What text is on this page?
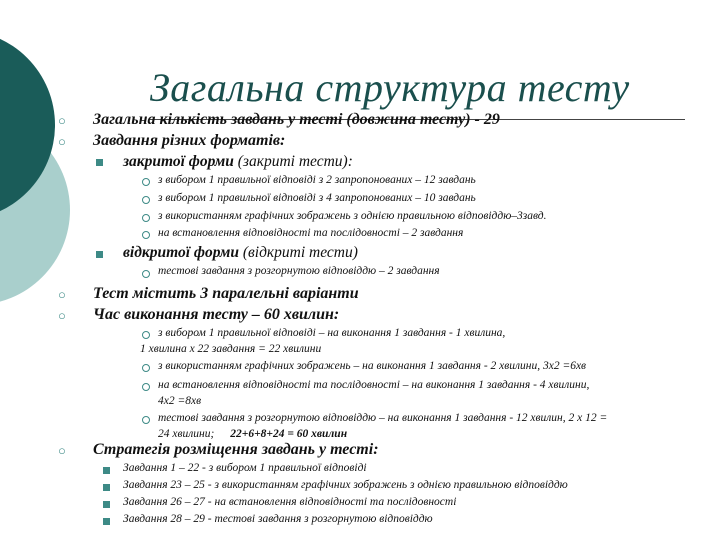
Загальна структура тесту
○ Загальна кількість завдань у тесті (довжина тесту) - 29
○ Завдання різних форматів:
закритої форми (закриті тести):
з вибором 1 правильної відповіді з 2 запропонованих – 12 завдань
з вибором 1 правильної відповіді з 4 запропонованих – 10 завдань
з використанням графічних зображень з однією правильною відповіддю–3завд.
на встановлення відповідності та послідовності – 2 завдання
відкритої форми (відкриті тести)
тестові завдання з розгорнутою відповіддю – 2 завдання
○ Тест містить 3 паралельні варіанти
○ Час виконання тесту – 60 хвилин:
з вибором 1 правильної відповіді – на виконання 1 завдання - 1 хвилина,
1 хвилина х 22 завдання = 22 хвилини
з використанням графічних зображень – на виконання 1 завдання - 2 хвилини, 3х2 =6хв
на встановлення відповідності та послідовності – на виконання 1 завдання - 4 хвилини,
4х2 =8хв
тестові завдання з розгорнутою відповіддю – на виконання 1 завдання - 12 хвилин, 2 х 12 =
24 хвилини; 22+6+8+24 = 60 хвилин
○ Стратегія розміщення завдань у тесті:
Завдання 1 – 22 - з вибором 1 правильної відповіді
Завдання 23 – 25 - з використанням графічних зображень з однією правильною відповіддю
Завдання 26 – 27 - на встановлення відповідності та послідовності
Завдання 28 – 29 - тестові завдання з розгорнутою відповіддю
